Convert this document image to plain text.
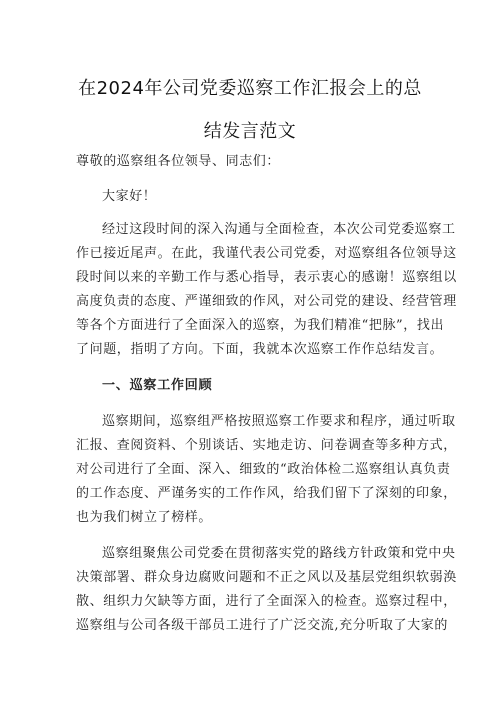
在2024年公司党委巡察工作汇报会上的总
结发言范文
尊敬的巡察组各位领导、同志们：
大家好！
经过这段时间的深入沟通与全面检查，本次公司党委巡察工
作已接近尾声。在此，我谨代表公司党委，对巡察组各位领导这
段时间以来的辛勤工作与悉心指导，表示衷心的感谢！巡察组以
高度负责的态度、严谨细致的作风，对公司党的建设、经营管理
等各个方面进行了全面深入的巡察，为我们精准“把脉”，找出
了问题，指明了方向。下面，我就本次巡察工作作总结发言。
一、巡察工作回顾
巡察期间，巡察组严格按照巡察工作要求和程序，通过听取
汇报、查阅资料、个别谈话、实地走访、问卷调查等多种方式，
对公司进行了全面、深入、细致的“政治体检二巡察组认真负责
的工作态度、严谨务实的工作作风，给我们留下了深刻的印象，
也为我们树立了榜样。
巡察组聚焦公司党委在贯彻落实党的路线方针政策和党中央
决策部署、群众身边腐败问题和不正之风以及基层党组织软弱涣
散、组织力欠缺等方面，进行了全面深入的检查。巡察过程中，
巡察组与公司各级干部员工进行了广泛交流,充分听取了大家的
